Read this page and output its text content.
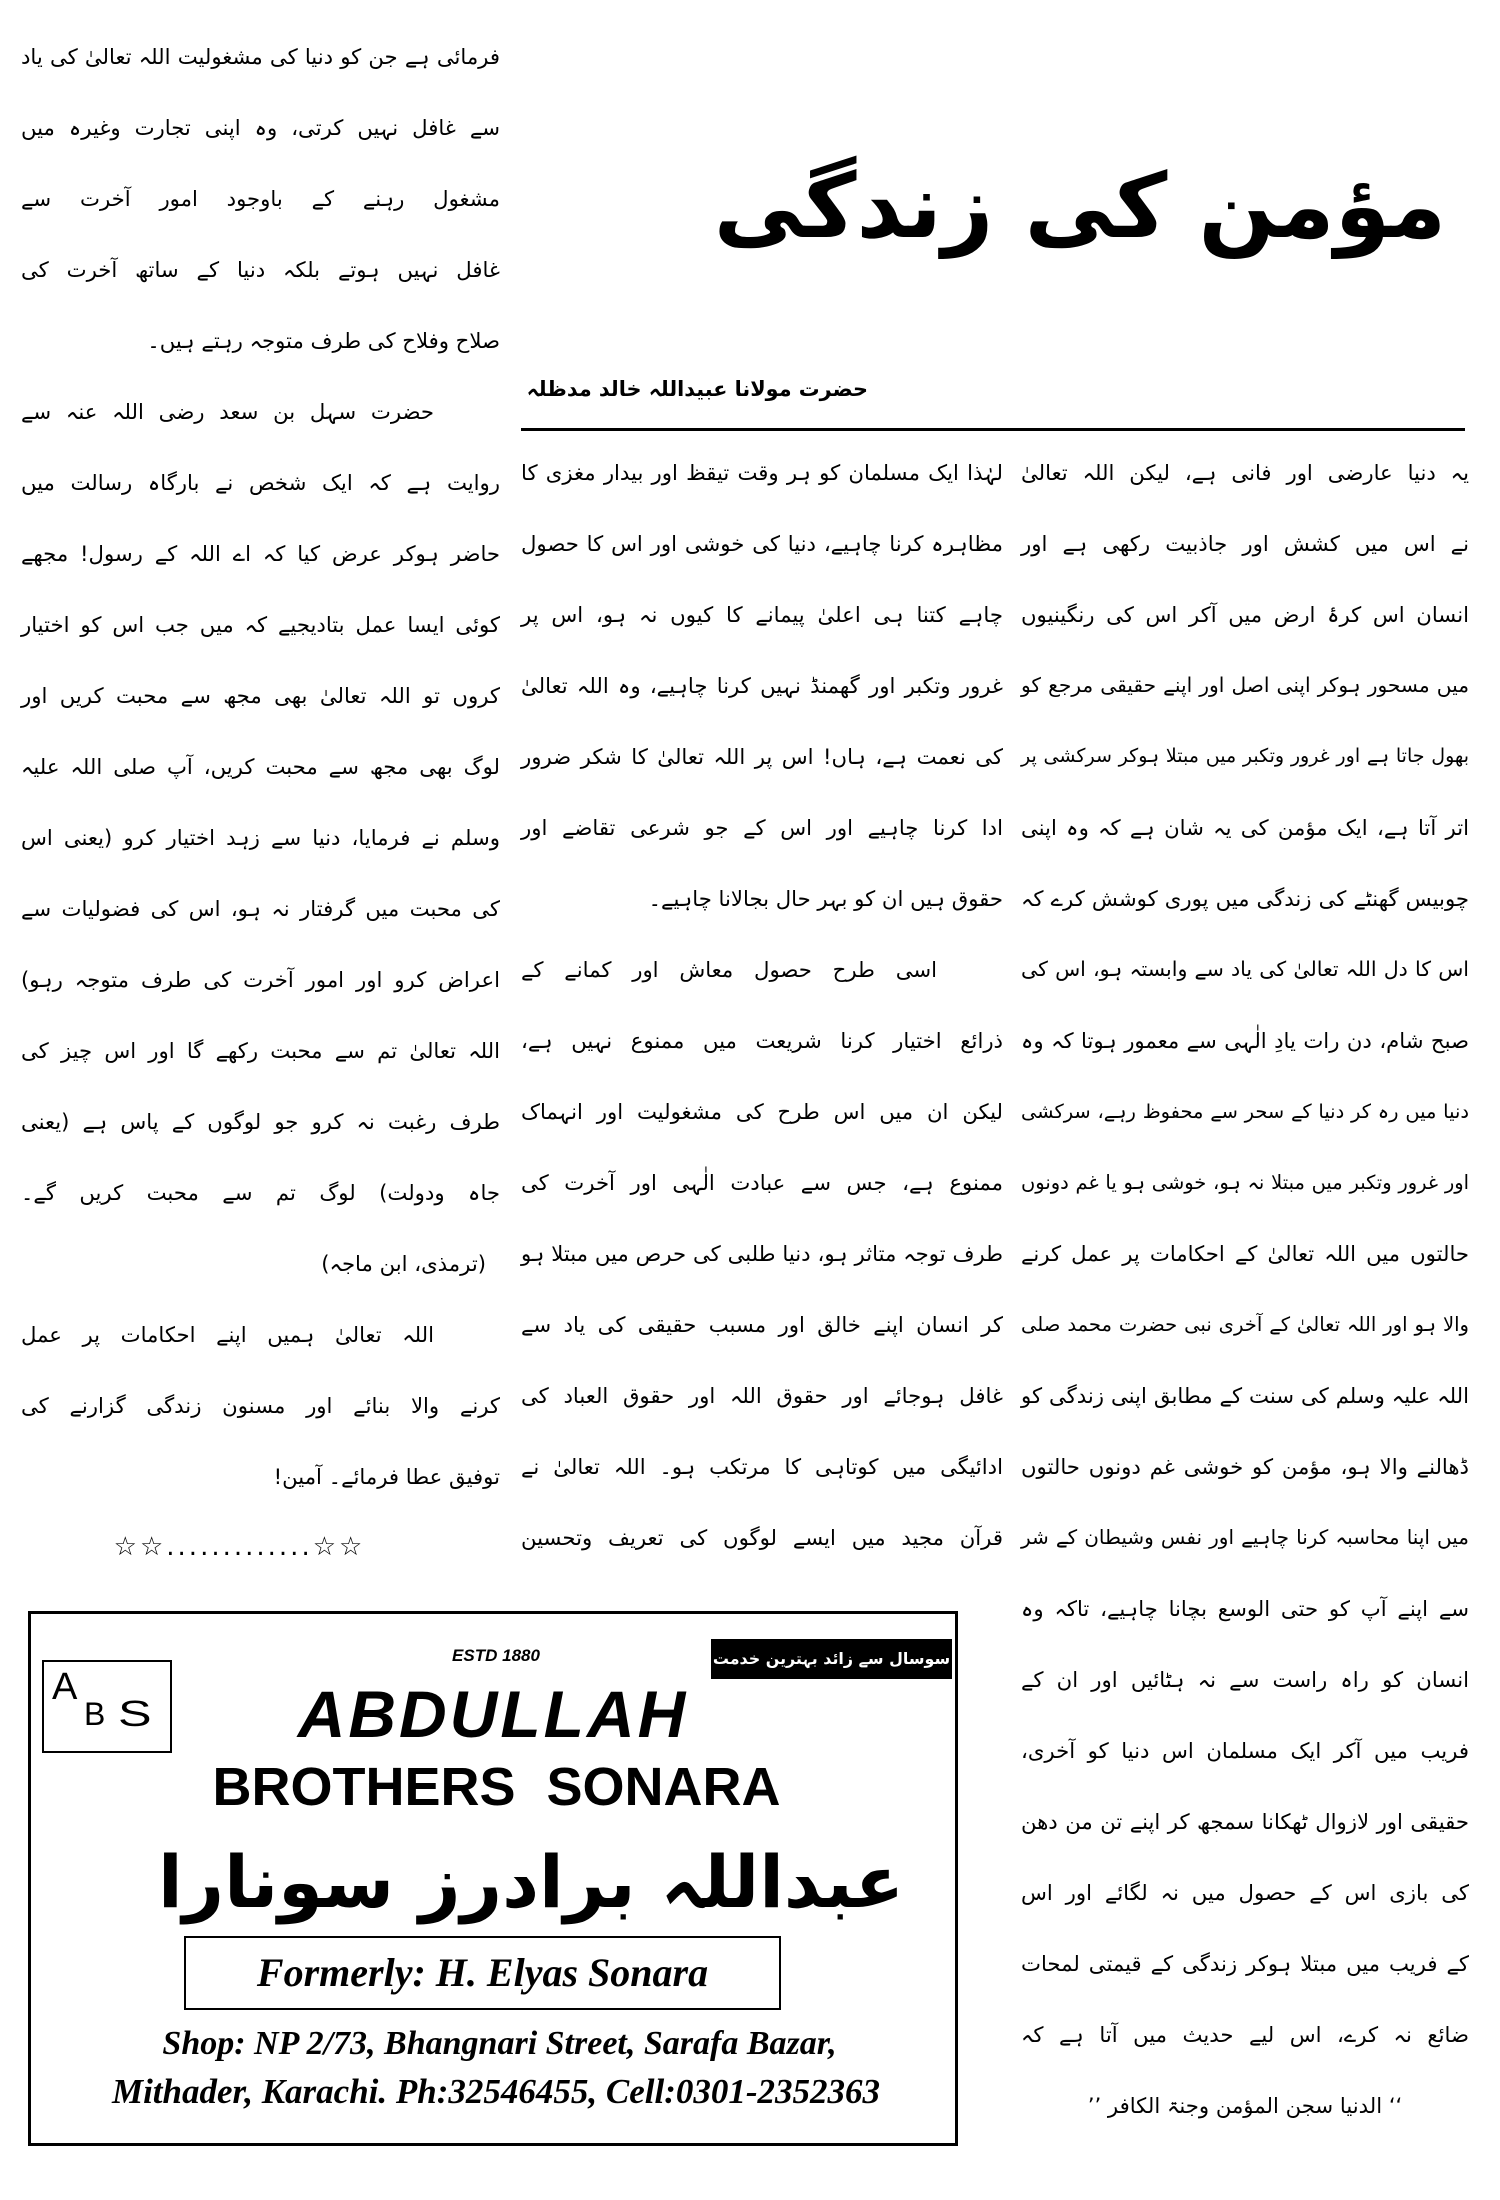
مؤمن کی زندگی
حضرت مولانا عبیداللہ خالد مدظلہ
یہ دنیا عارضی اور فانی ہے، لیکن اللہ تعالیٰ
نے اس میں کشش اور جاذبیت رکھی ہے اور
انسان اس کرۂ ارض میں آکر اس کی رنگینیوں
میں مسحور ہوکر اپنی اصل اور اپنے حقیقی مرجع کو
بھول جاتا ہے اور غرور وتکبر میں مبتلا ہوکر سرکشی پر
اتر آتا ہے، ایک مؤمن کی یہ شان ہے کہ وہ اپنی
چوبیس گھنٹے کی زندگی میں پوری کوشش کرے کہ
اس کا دل اللہ تعالیٰ کی یاد سے وابستہ ہو، اس کی
صبح شام، دن رات یادِ الٰہی سے معمور ہوتا کہ وہ
دنیا میں رہ کر دنیا کے سحر سے محفوظ رہے، سرکشی
اور غرور وتکبر میں مبتلا نہ ہو، خوشی ہو یا غم دونوں
حالتوں میں اللہ تعالیٰ کے احکامات پر عمل کرنے
والا ہو اور اللہ تعالیٰ کے آخری نبی حضرت محمد صلی
اللہ علیہ وسلم کی سنت کے مطابق اپنی زندگی کو
ڈھالنے والا ہو، مؤمن کو خوشی غم دونوں حالتوں
میں اپنا محاسبہ کرنا چاہیے اور نفس وشیطان کے شر
سے اپنے آپ کو حتی الوسع بچانا چاہیے، تاکہ وہ
انسان کو راہ راست سے نہ ہٹائیں اور ان کے
فریب میں آکر ایک مسلمان اس دنیا کو آخری،
حقیقی اور لازوال ٹھکانا سمجھ کر اپنے تن من دھن
کی بازی اس کے حصول میں نہ لگائے اور اس
کے فریب میں مبتلا ہوکر زندگی کے قیمتی لمحات
ضائع نہ کرے، اس لیے حدیث میں آتا ہے کہ
‘‘ الدنیا سجن المؤمن وجنۃ الکافر ’’
لہٰذا ایک مسلمان کو ہر وقت تیقظ اور بیدار مغزی کا
مظاہرہ کرنا چاہیے، دنیا کی خوشی اور اس کا حصول
چاہے کتنا ہی اعلیٰ پیمانے کا کیوں نہ ہو، اس پر
غرور وتکبر اور گھمنڈ نہیں کرنا چاہیے، وہ اللہ تعالیٰ
کی نعمت ہے، ہاں! اس پر اللہ تعالیٰ کا شکر ضرور
ادا کرنا چاہیے اور اس کے جو شرعی تقاضے اور
حقوق ہیں ان کو بہر حال بجالانا چاہیے۔
اسی طرح حصول معاش اور کمانے کے
ذرائع اختیار کرنا شریعت میں ممنوع نہیں ہے،
لیکن ان میں اس طرح کی مشغولیت اور انہماک
ممنوع ہے، جس سے عبادت الٰہی اور آخرت کی
طرف توجہ متاثر ہو، دنیا طلبی کی حرص میں مبتلا ہو
کر انسان اپنے خالق اور مسبب حقیقی کی یاد سے
غافل ہوجائے اور حقوق اللہ اور حقوق العباد کی
ادائیگی میں کوتاہی کا مرتکب ہو۔ اللہ تعالیٰ نے
قرآن مجید میں ایسے لوگوں کی تعریف وتحسین
فرمائی ہے جن کو دنیا کی مشغولیت اللہ تعالیٰ کی یاد
سے غافل نہیں کرتی، وہ اپنی تجارت وغیرہ میں
مشغول رہنے کے باوجود امور آخرت سے
غافل نہیں ہوتے بلکہ دنیا کے ساتھ آخرت کی
صلاح وفلاح کی طرف متوجہ رہتے ہیں۔
حضرت سہل بن سعد رضی اللہ عنہ سے
روایت ہے کہ ایک شخص نے بارگاہ رسالت میں
حاضر ہوکر عرض کیا کہ اے اللہ کے رسول! مجھے
کوئی ایسا عمل بتادیجیے کہ میں جب اس کو اختیار
کروں تو اللہ تعالیٰ بھی مجھ سے محبت کریں اور
لوگ بھی مجھ سے محبت کریں، آپ صلی اللہ علیہ
وسلم نے فرمایا، دنیا سے زہد اختیار کرو (یعنی اس
کی محبت میں گرفتار نہ ہو، اس کی فضولیات سے
اعراض کرو اور امور آخرت کی طرف متوجہ رہو)
اللہ تعالیٰ تم سے محبت رکھے گا اور اس چیز کی
طرف رغبت نہ کرو جو لوگوں کے پاس ہے (یعنی
جاہ ودولت) لوگ تم سے محبت کریں گے۔
(ترمذی، ابن ماجہ)
اللہ تعالیٰ ہمیں اپنے احکامات پر عمل
کرنے والا بنائے اور مسنون زندگی گزارنے کی
توفیق عطا فرمائے۔ آمین!
☆☆.............☆☆
A
B S
ESTD 1880	سوسال سے زائد بہترین خدمت
ABDULLAH
BROTHERS SONARA
عبداللہ برادرز سونارا
Formerly: H. Elyas Sonara
Shop: NP 2/73, Bhangnari Street, Sarafa Bazar,
Mithader, Karachi. Ph:32546455, Cell:0301-2352363
